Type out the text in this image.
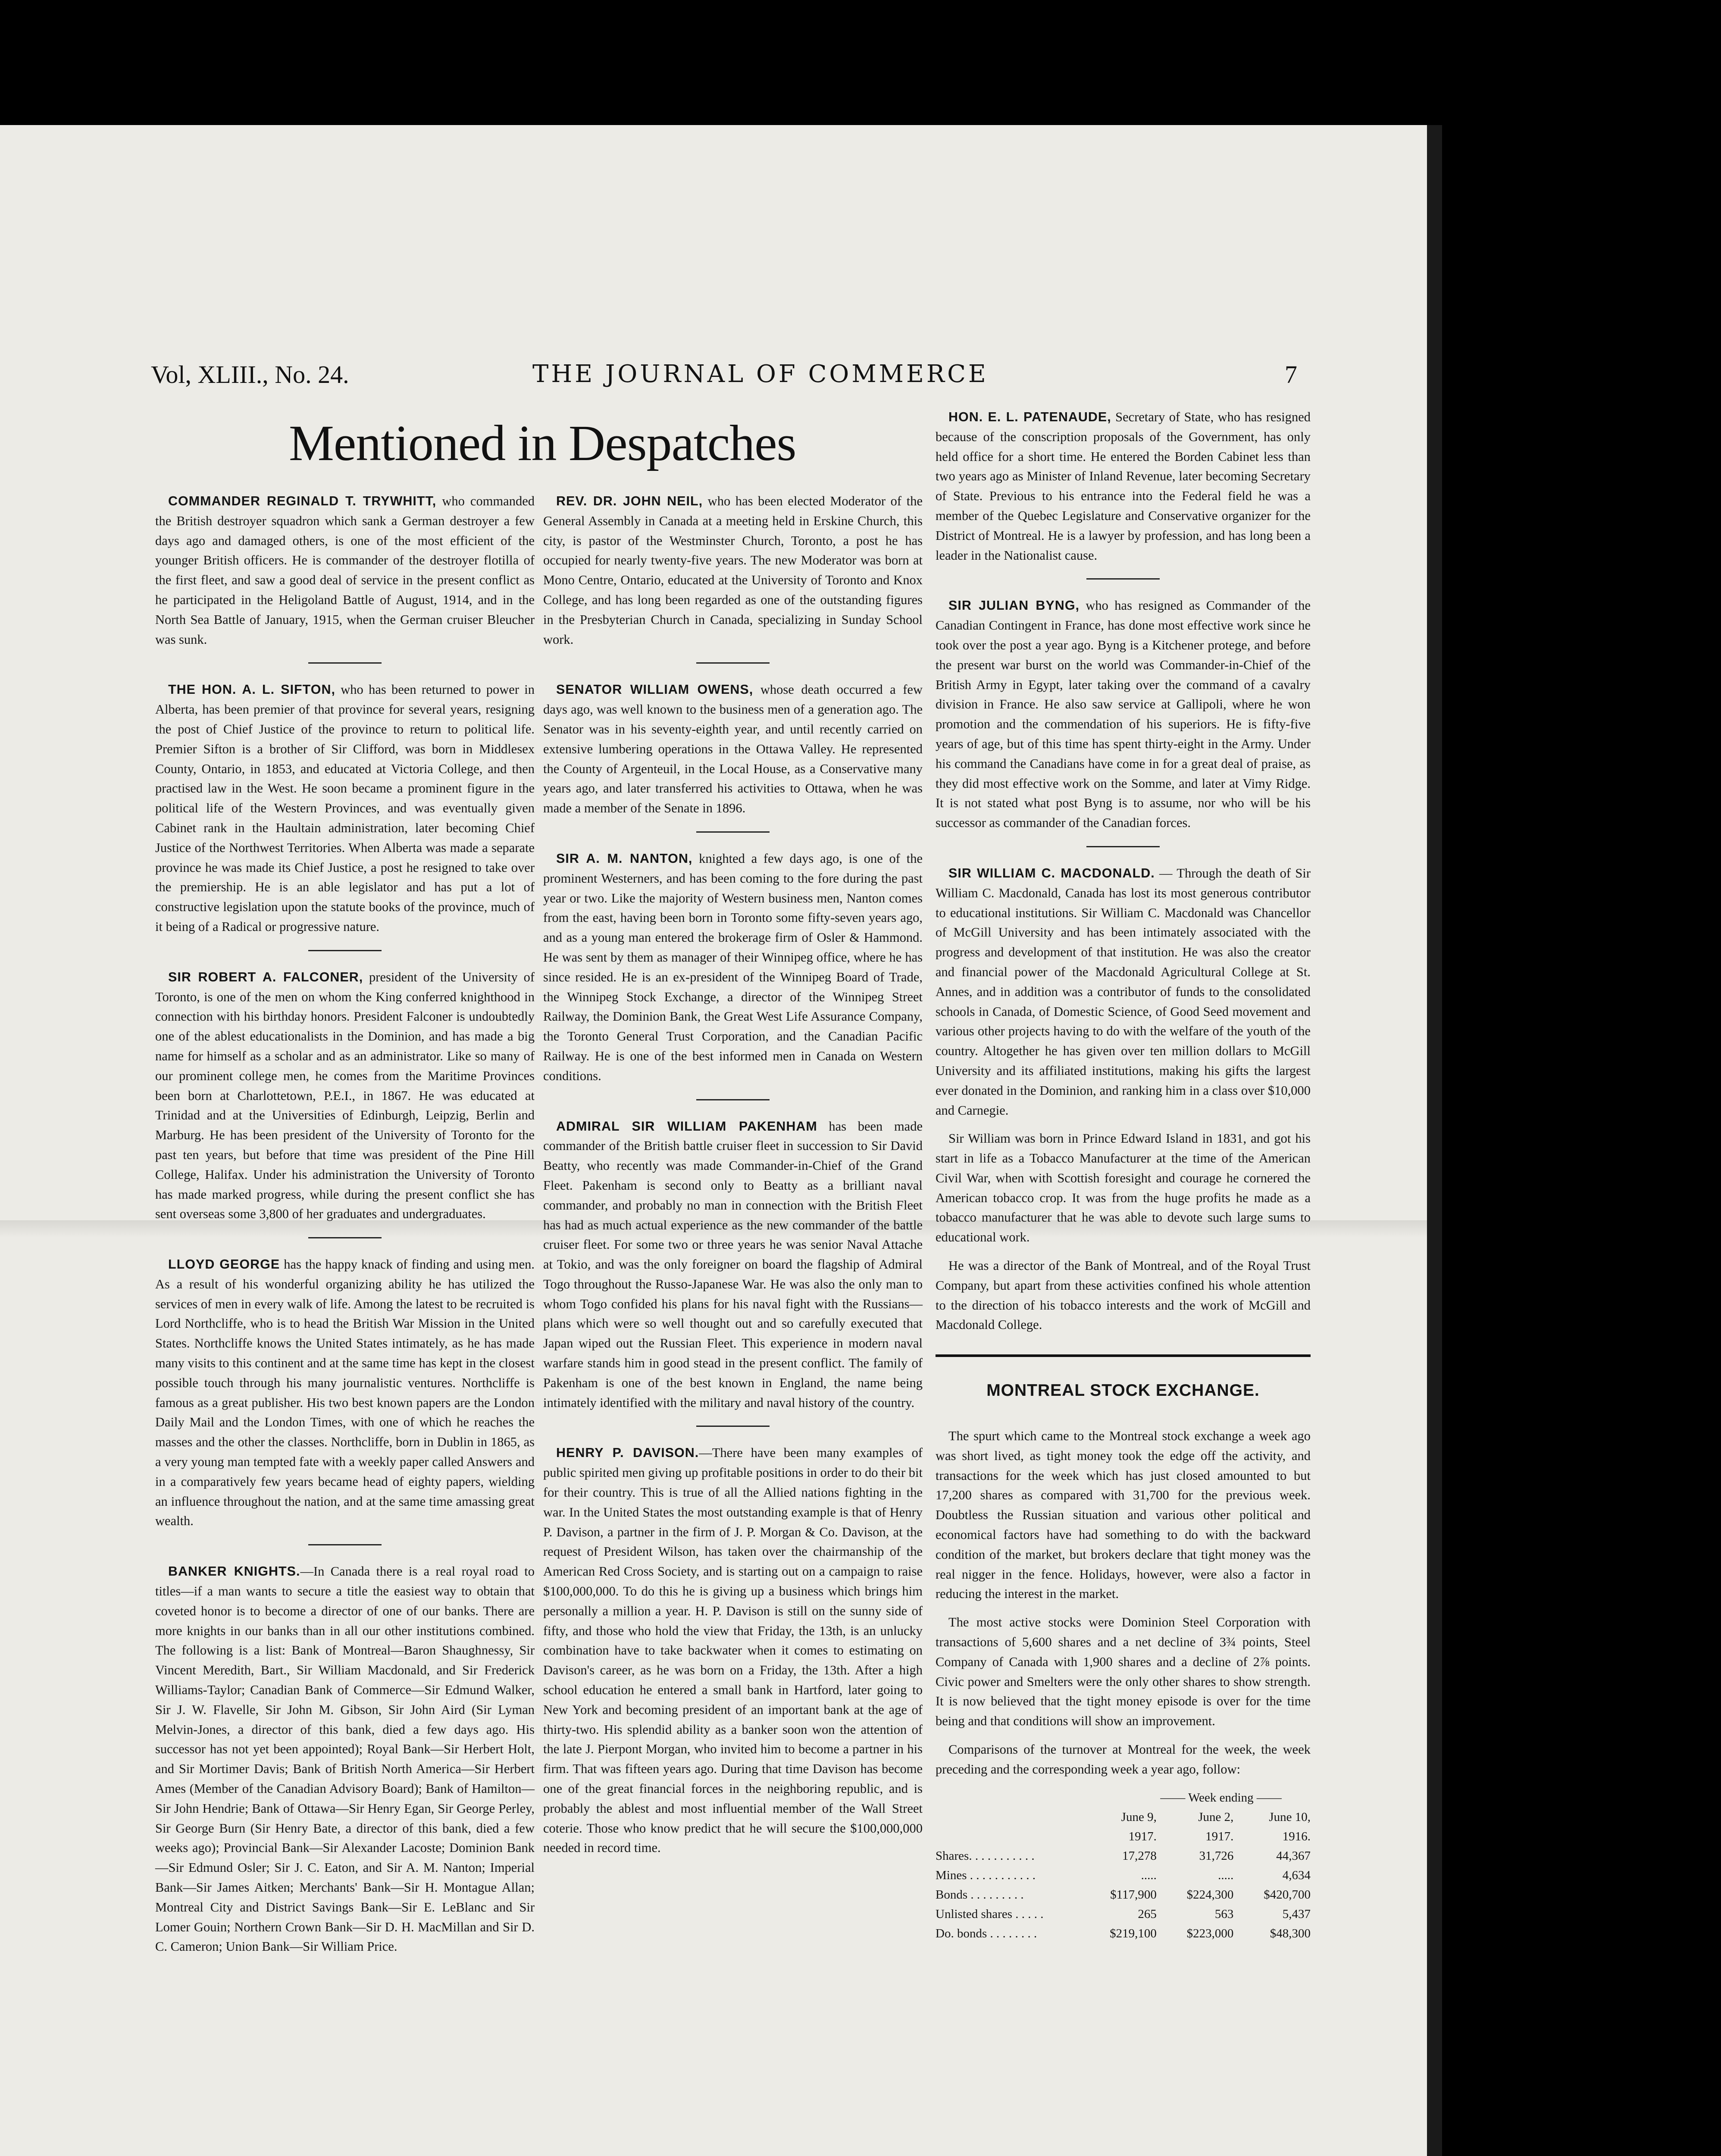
Vol, XLIII., No. 24.	THE JOURNAL OF COMMERCE	7
Mentioned in Despatches

COMMANDER REGINALD T. TRYWHITT, who commanded the British destroyer squadron which sank a German destroyer a few days ago and damaged others, is one of the most efficient of the younger British officers. He is commander of the destroyer flotilla of the first fleet, and saw a good deal of service in the present conflict as he participated in the Heligoland Battle of August, 1914, and in the North Sea Battle of January, 1915, when the German cruiser Bleucher was sunk.

THE HON. A. L. SIFTON, who has been returned to power in Alberta, has been premier of that province for several years, resigning the post of Chief Justice of the province to return to political life. Premier Sifton is a brother of Sir Clifford, was born in Middlesex County, Ontario, in 1853, and educated at Victoria College, and then practised law in the West. He soon became a prominent figure in the political life of the Western Provinces, and was eventually given Cabinet rank in the Haultain administration, later becoming Chief Justice of the Northwest Territories. When Alberta was made a separate province he was made its Chief Justice, a post he resigned to take over the premiership. He is an able legislator and has put a lot of constructive legislation upon the statute books of the province, much of it being of a Radical or progressive nature.

SIR ROBERT A. FALCONER, president of the University of Toronto, is one of the men on whom the King conferred knighthood in connection with his birthday honors. President Falconer is undoubtedly one of the ablest educationalists in the Dominion, and has made a big name for himself as a scholar and as an administrator. Like so many of our prominent college men, he comes from the Maritime Provinces been born at Charlottetown, P.E.I., in 1867. He was educated at Trinidad and at the Universities of Edinburgh, Leipzig, Berlin and Marburg. He has been president of the University of Toronto for the past ten years, but before that time was president of the Pine Hill College, Halifax. Under his administration the University of Toronto has made marked progress, while during the present conflict she has sent overseas some 3,800 of her graduates and undergraduates.

LLOYD GEORGE has the happy knack of finding and using men. As a result of his wonderful organizing ability he has utilized the services of men in every walk of life. Among the latest to be recruited is Lord Northcliffe, who is to head the British War Mission in the United States. Northcliffe knows the United States intimately, as he has made many visits to this continent and at the same time has kept in the closest possible touch through his many journalistic ventures. Northcliffe is famous as a great publisher. His two best known papers are the London Daily Mail and the London Times, with one of which he reaches the masses and the other the classes. Northcliffe, born in Dublin in 1865, as a very young man tempted fate with a weekly paper called Answers and in a comparatively few years became head of eighty papers, wielding an influence throughout the nation, and at the same time amassing great wealth.

BANKER KNIGHTS.—In Canada there is a real royal road to titles—if a man wants to secure a title the easiest way to obtain that coveted honor is to become a director of one of our banks. There are more knights in our banks than in all our other institutions combined. The following is a list: Bank of Montreal—Baron Shaughnessy, Sir Vincent Meredith, Bart., Sir William Macdonald, and Sir Frederick Williams-Taylor; Canadian Bank of Commerce—Sir Edmund Walker, Sir J. W. Flavelle, Sir John M. Gibson, Sir John Aird (Sir Lyman Melvin-Jones, a director of this bank, died a few days ago. His successor has not yet been appointed); Royal Bank—Sir Herbert Holt, and Sir Mortimer Davis; Bank of British North America—Sir Herbert Ames (Member of the Canadian Advisory Board); Bank of Hamilton—Sir John Hendrie; Bank of Ottawa—Sir Henry Egan, Sir George Perley, Sir George Burn (Sir Henry Bate, a director of this bank, died a few weeks ago); Provincial Bank—Sir Alexander Lacoste; Dominion Bank—Sir Edmund Osler; Sir J. C. Eaton, and Sir A. M. Nanton; Imperial Bank—Sir James Aitken; Merchants' Bank—Sir H. Montague Allan; Montreal City and District Savings Bank—Sir E. LeBlanc and Sir Lomer Gouin; Northern Crown Bank—Sir D. H. MacMillan and Sir D. C. Cameron; Union Bank—Sir William Price.

REV. DR. JOHN NEIL, who has been elected Moderator of the General Assembly in Canada at a meeting held in Erskine Church, this city, is pastor of the Westminster Church, Toronto, a post he has occupied for nearly twenty-five years. The new Moderator was born at Mono Centre, Ontario, educated at the University of Toronto and Knox College, and has long been regarded as one of the outstanding figures in the Presbyterian Church in Canada, specializing in Sunday School work.

SENATOR WILLIAM OWENS, whose death occurred a few days ago, was well known to the business men of a generation ago. The Senator was in his seventy-eighth year, and until recently carried on extensive lumbering operations in the Ottawa Valley. He represented the County of Argenteuil, in the Local House, as a Conservative many years ago, and later transferred his activities to Ottawa, when he was made a member of the Senate in 1896.

SIR A. M. NANTON, knighted a few days ago, is one of the prominent Westerners, and has been coming to the fore during the past year or two. Like the majority of Western business men, Nanton comes from the east, having been born in Toronto some fifty-seven years ago, and as a young man entered the brokerage firm of Osler & Hammond. He was sent by them as manager of their Winnipeg office, where he has since resided. He is an ex-president of the Winnipeg Board of Trade, the Winnipeg Stock Exchange, a director of the Winnipeg Street Railway, the Dominion Bank, the Great West Life Assurance Company, the Toronto General Trust Corporation, and the Canadian Pacific Railway. He is one of the best informed men in Canada on Western conditions.

ADMIRAL SIR WILLIAM PAKENHAM has been made commander of the British battle cruiser fleet in succession to Sir David Beatty, who recently was made Commander-in-Chief of the Grand Fleet. Pakenham is second only to Beatty as a brilliant naval commander, and probably no man in connection with the British Fleet has had as much actual experience as the new commander of the battle cruiser fleet. For some two or three years he was senior Naval Attache at Tokio, and was the only foreigner on board the flagship of Admiral Togo throughout the Russo-Japanese War. He was also the only man to whom Togo confided his plans for his naval fight with the Russians—plans which were so well thought out and so carefully executed that Japan wiped out the Russian Fleet. This experience in modern naval warfare stands him in good stead in the present conflict. The family of Pakenham is one of the best known in England, the name being intimately identified with the military and naval history of the country.

HENRY P. DAVISON.—There have been many examples of public spirited men giving up profitable positions in order to do their bit for their country. This is true of all the Allied nations fighting in the war. In the United States the most outstanding example is that of Henry P. Davison, a partner in the firm of J. P. Morgan & Co. Davison, at the request of President Wilson, has taken over the chairmanship of the American Red Cross Society, and is starting out on a campaign to raise $100,000,000. To do this he is giving up a business which brings him personally a million a year. H. P. Davison is still on the sunny side of fifty, and those who hold the view that Friday, the 13th, is an unlucky combination have to take backwater when it comes to estimating on Davison's career, as he was born on a Friday, the 13th. After a high school education he entered a small bank in Hartford, later going to New York and becoming president of an important bank at the age of thirty-two. His splendid ability as a banker soon won the attention of the late J. Pierpont Morgan, who invited him to become a partner in his firm. That was fifteen years ago. During that time Davison has become one of the great financial forces in the neighboring republic, and is probably the ablest and most influential member of the Wall Street coterie. Those who know predict that he will secure the $100,000,000 needed in record time.

HON. E. L. PATENAUDE, Secretary of State, who has resigned because of the conscription proposals of the Government, has only held office for a short time. He entered the Borden Cabinet less than two years ago as Minister of Inland Revenue, later becoming Secretary of State. Previous to his entrance into the Federal field he was a member of the Quebec Legislature and Conservative organizer for the District of Montreal. He is a lawyer by profession, and has long been a leader in the Nationalist cause.

SIR JULIAN BYNG, who has resigned as Commander of the Canadian Contingent in France, has done most effective work since he took over the post a year ago. Byng is a Kitchener protege, and before the present war burst on the world was Commander-in-Chief of the British Army in Egypt, later taking over the command of a cavalry division in France. He also saw service at Gallipoli, where he won promotion and the commendation of his superiors. He is fifty-five years of age, but of this time has spent thirty-eight in the Army. Under his command the Canadians have come in for a great deal of praise, as they did most effective work on the Somme, and later at Vimy Ridge. It is not stated what post Byng is to assume, nor who will be his successor as commander of the Canadian forces.

SIR WILLIAM C. MACDONALD. — Through the death of Sir William C. Macdonald, Canada has lost its most generous contributor to educational institutions. Sir William C. Macdonald was Chancellor of McGill University and has been intimately associated with the progress and development of that institution. He was also the creator and financial power of the Macdonald Agricultural College at St. Annes, and in addition was a contributor of funds to the consolidated schools in Canada, of Domestic Science, of Good Seed movement and various other projects having to do with the welfare of the youth of the country. Altogether he has given over ten million dollars to McGill University and its affiliated institutions, making his gifts the largest ever donated in the Dominion, and ranking him in a class over $10,000 and Carnegie.

Sir William was born in Prince Edward Island in 1831, and got his start in life as a Tobacco Manufacturer at the time of the American Civil War, when with Scottish foresight and courage he cornered the American tobacco crop. It was from the huge profits he made as a tobacco manufacturer that he was able to devote such large sums to educational work.

He was a director of the Bank of Montreal, and of the Royal Trust Company, but apart from these activities confined his whole attention to the direction of his tobacco interests and the work of McGill and Macdonald College.

MONTREAL STOCK EXCHANGE.

The spurt which came to the Montreal stock exchange a week ago was short lived, as tight money took the edge off the activity, and transactions for the week which has just closed amounted to but 17,200 shares as compared with 31,700 for the previous week. Doubtless the Russian situation and various other political and economical factors have had something to do with the backward condition of the market, but brokers declare that tight money was the real nigger in the fence. Holidays, however, were also a factor in reducing the interest in the market.

The most active stocks were Dominion Steel Corporation with transactions of 5,600 shares and a net decline of 3¾ points, Steel Company of Canada with 1,900 shares and a decline of 2⅞ points. Civic power and Smelters were the only other shares to show strength. It is now believed that the tight money episode is over for the time being and that conditions will show an improvement.

Comparisons of the turnover at Montreal for the week, the week preceding and the corresponding week a year ago, follow:

	—— Week ending ——		
	June 9,	June 2,	June 10,
	1917.	1917.	1916.
Shares. . . . . . . . . . .	17,278	31,726	44,367
Mines . . . . . . . . . . .	.....	.....	4,634
Bonds . . . . . . . . .	$117,900	$224,300	$420,700
Unlisted shares . . . . .	265	563	5,437
Do. bonds . . . . . . . .	$219,100	$223,000	$48,300
